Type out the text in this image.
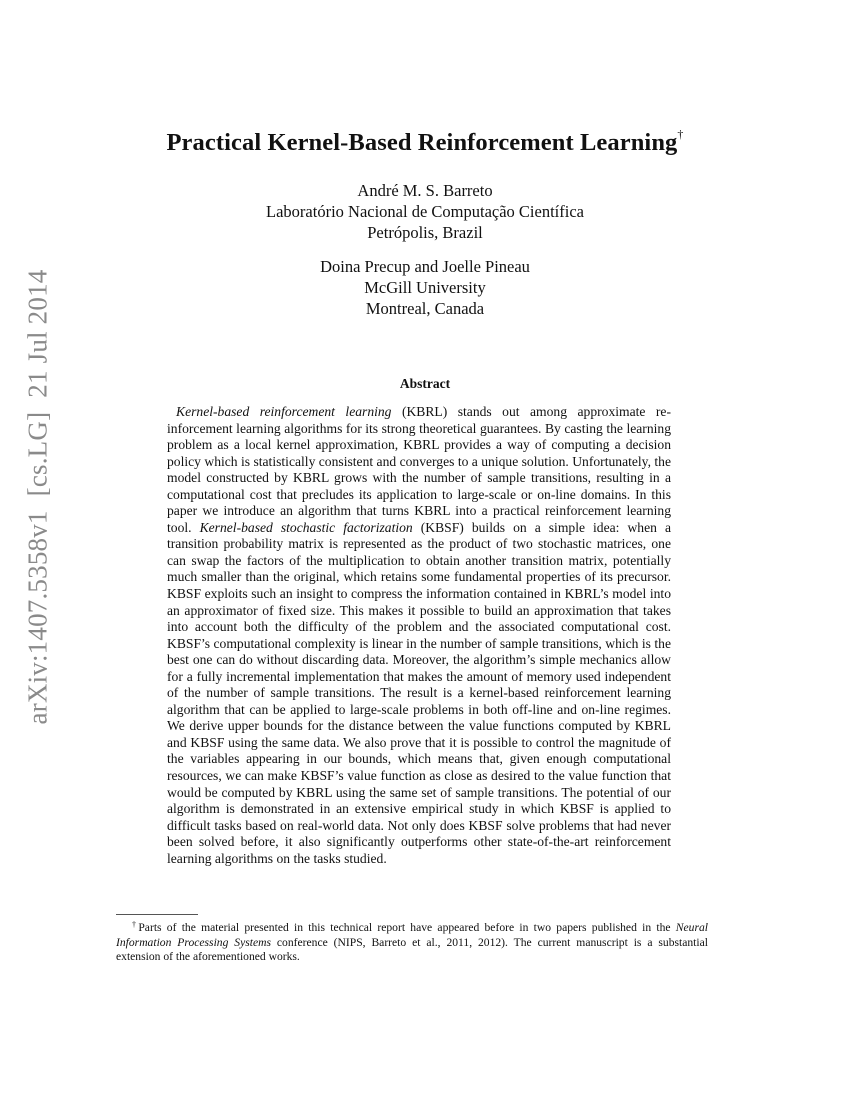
arXiv:1407.5358v1[cs.LG]21 Jul 2014
Practical Kernel-Based Reinforcement Learning†
André M. S. Barreto
Laboratório Nacional de Computação Científica
Petrópolis, Brazil
Doina Precup and Joelle Pineau
McGill University
Montreal, Canada
Abstract

Kernel-based reinforcement learning (KBRL) stands out among approximate reinforcement learning algorithms for its strong theoretical guarantees. By casting the learning problem as a local kernel approximation, KBRL provides a way of computing a decision policy which is statistically consistent and converges to a unique solution. Unfortunately, the model constructed by KBRL grows with the number of sample transitions, resulting in a computational cost that precludes its application to large-scale or on-line domains. In this paper we introduce an algorithm that turns KBRL into a practical reinforcement learning tool. Kernel-based stochastic factorization (KBSF) builds on a simple idea: when a transition probability matrix is represented as the product of two stochastic matrices, one can swap the factors of the multiplication to obtain another transition matrix, potentially much smaller than the original, which retains some fundamental properties of its precursor. KBSF exploits such an insight to compress the information contained in KBRL’s model into an approximator of fixed size. This makes it possible to build an approximation that takes into account both the difficulty of the problem and the associated computational cost. KBSF’s computational complexity is linear in the number of sample transitions, which is the best one can do without discarding data. Moreover, the algorithm’s simple mechanics allow for a fully incremental implementation that makes the amount of memory used independent of the number of sample transitions. The result is a kernel-based reinforcement learning algorithm that can be applied to large-scale problems in both off-line and on-line regimes. We derive upper bounds for the distance between the value functions computed by KBRL and KBSF using the same data. We also prove that it is possible to control the magnitude of the variables appearing in our bounds, which means that, given enough computational resources, we can make KBSF’s value function as close as desired to the value function that would be computed by KBRL using the same set of sample transitions. The potential of our algorithm is demonstrated in an extensive empirical study in which KBSF is applied to difficult tasks based on real-world data. Not only does KBSF solve problems that had never been solved before, it also significantly outperforms other state-of-the-art reinforcement learning algorithms on the tasks studied.

†Parts of the material presented in this technical report have appeared before in two papers published in the Neural Information Processing Systems conference (NIPS, Barreto et al., 2011, 2012). The current manuscript is a substantial extension of the aforementioned works.
